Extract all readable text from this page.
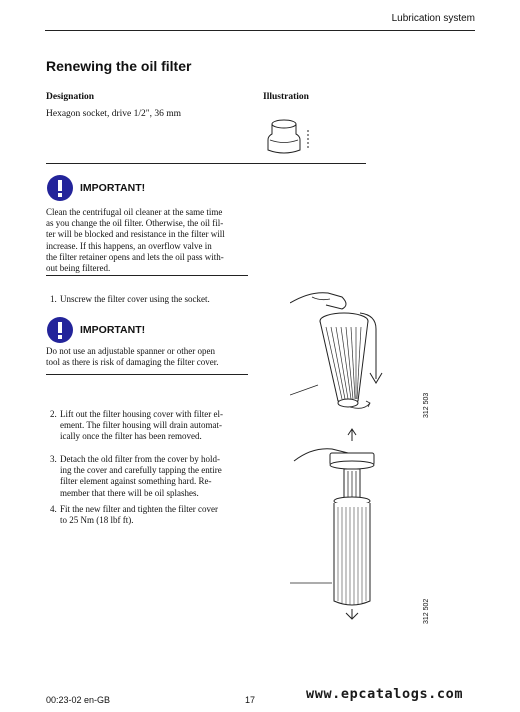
Lubrication system
Renewing the oil filter
Designation	Illustration
Hexagon socket, drive 1/2", 36 mm
IMPORTANT!
Clean the centrifugal oil cleaner at the same time
as you change the oil filter. Otherwise, the oil fil-
ter will be blocked and resistance in the filter will
increase. If this happens, an overflow valve in
the filter retainer opens and lets the oil pass with-
out being filtered.
1. Unscrew the filter cover using the socket.
2. Lift out the filter housing cover with filter el-
ement. The filter housing will drain automat-
ically once the filter has been removed.
3. Detach the old filter from the cover by hold-
ing the cover and carefully tapping the entire
filter element against something hard. Re-
member that there will be oil splashes.
4. Fit the new filter and tighten the filter cover
to 25 Nm (18 lbf ft).
IMPORTANT!
Do not use an adjustable spanner or other open
tool as there is risk of damaging the filter cover.
312 503
312 502
00:23-02 en-GB	17	www.epcatalogs.com
